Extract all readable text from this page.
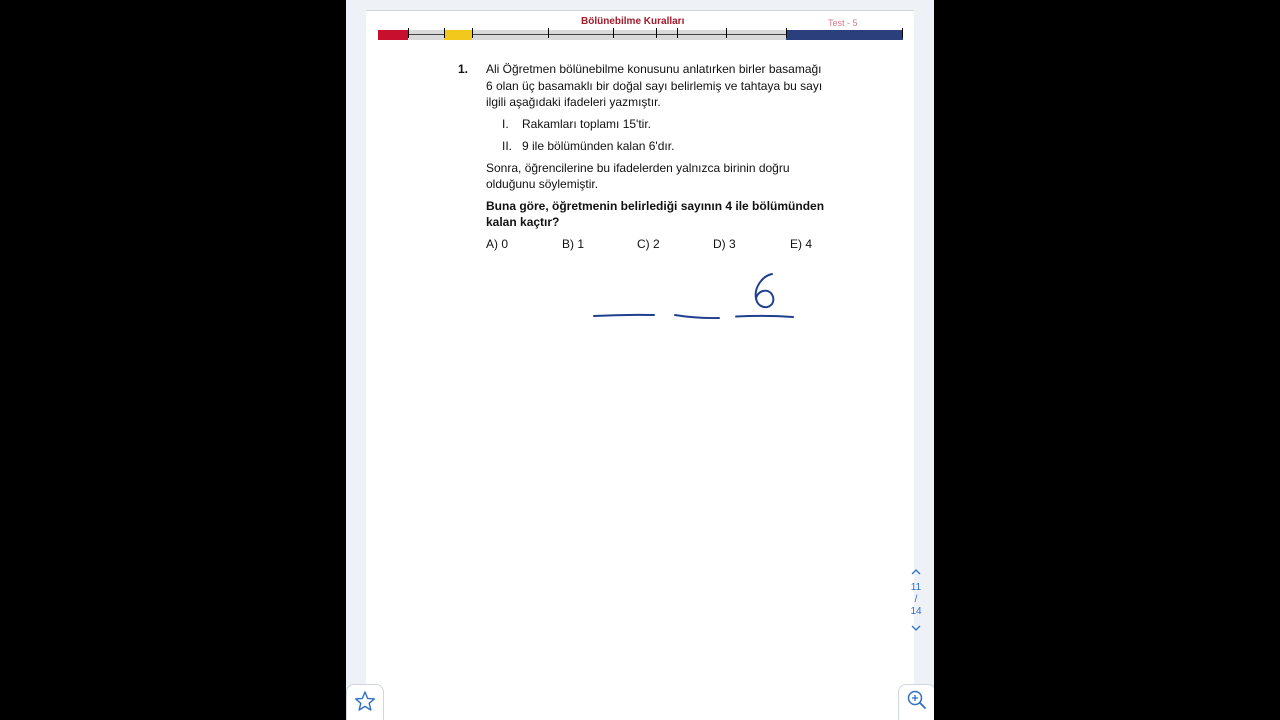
Bölünebilme Kuralları	Test - 5
1. Ali Öğretmen bölünebilme konusunu anlatırken birler basamağı 6 olan üç basamaklı bir doğal sayı belirlemiş ve tahtaya bu sayı ilgili aşağıdaki ifadeleri yazmıştır.

I. Rakamları toplamı 15'tir.
II. 9 ile bölümünden kalan 6'dır.

Sonra, öğrencilerine bu ifadelerden yalnızca birinin doğru olduğunu söylemiştir.

Buna göre, öğretmenin belirlediği sayının 4 ile bölümünden kalan kaçtır?

A) 0	B) 1	C) 2	D) 3	E) 4
11
/
14
